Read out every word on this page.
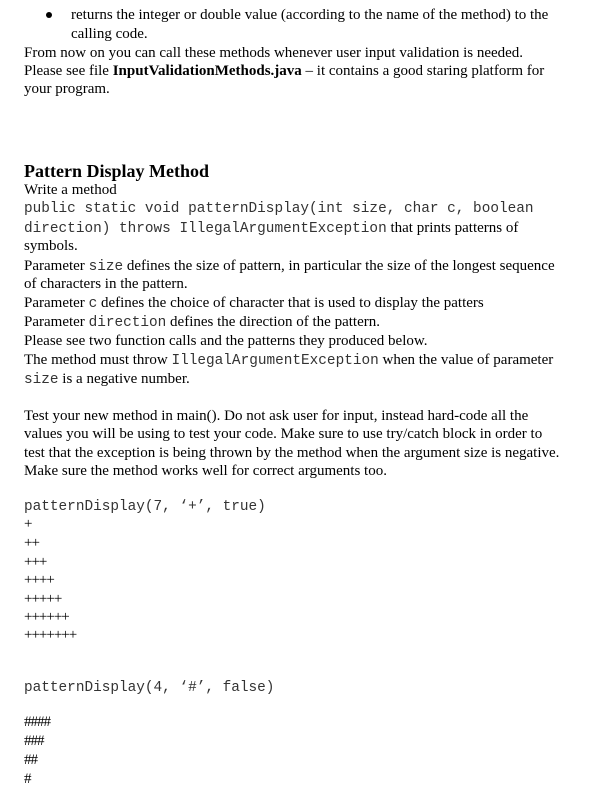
returns the integer or double value (according to the name of the method) to the
calling code.
From now on you can call these methods whenever user input validation is needed.
Please see file InputValidationMethods.java – it contains a good staring platform for
your program.
Pattern Display Method
Write a method
public static void patternDisplay(int size, char c, boolean
direction) throws IllegalArgumentException that prints patterns of
symbols.
Parameter size defines the size of pattern, in particular the size of the longest sequence
of characters in the pattern.
Parameter c defines the choice of character that is used to display the patters
Parameter direction defines the direction of the pattern.
Please see two function calls and the patterns they produced below.
The method must throw IllegalArgumentException when the value of parameter
size is a negative number.
Test your new method in main(). Do not ask user for input, instead hard-code all the
values you will be using to test your code. Make sure to use try/catch block in order to
test that the exception is being thrown by the method when the argument size is negative.
Make sure the method works well for correct arguments too.
patternDisplay(7, ‘+’, true)
+
++
+++
++++
+++++
++++++
+++++++
patternDisplay(4, ‘#’, false)
####
###
##
#
